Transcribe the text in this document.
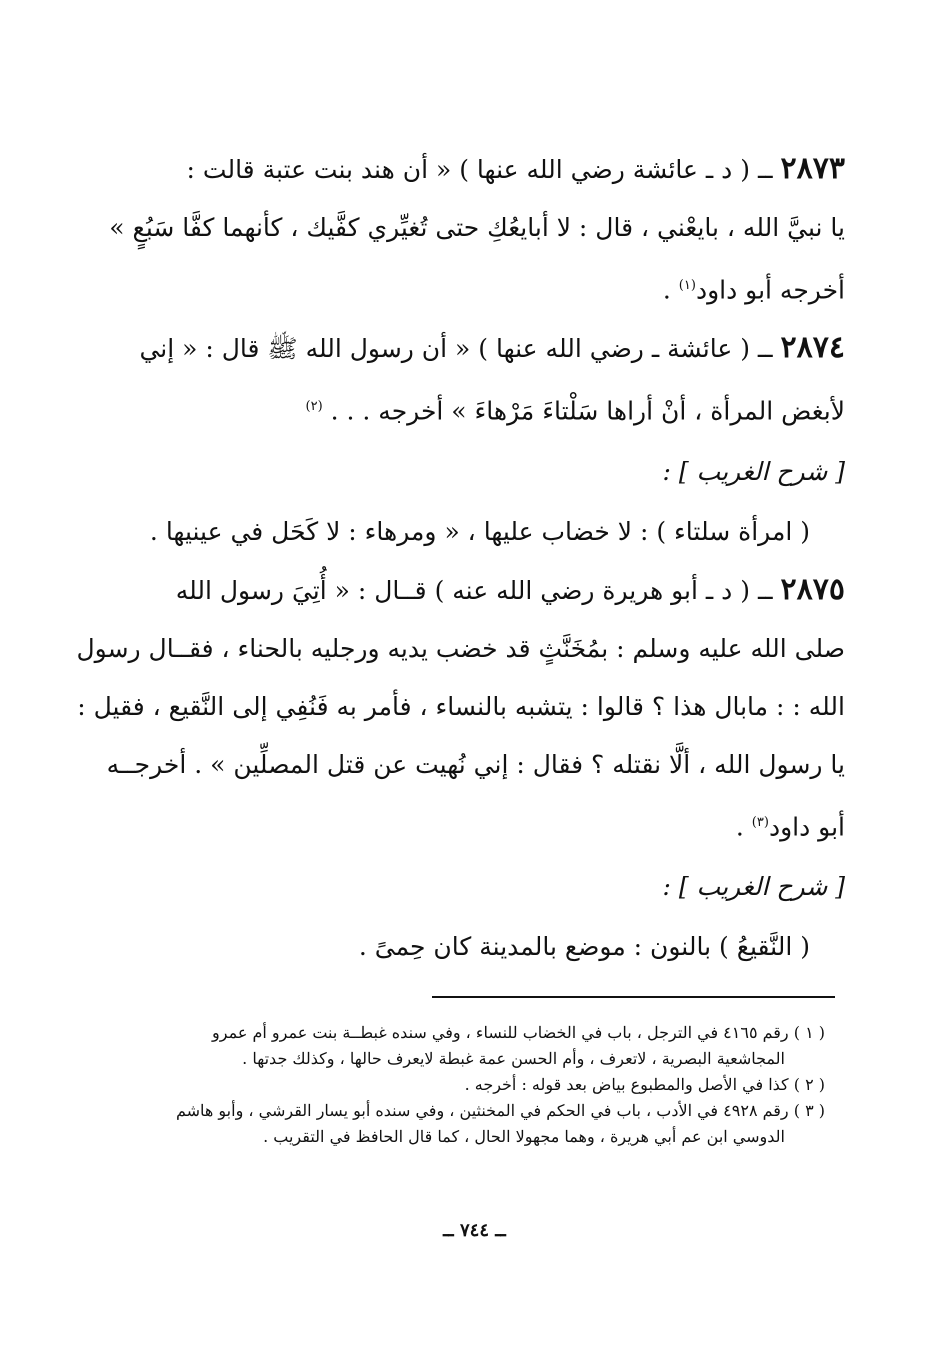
٢٨٧٣ ــ ( د ـ عائشة رضي الله عنها ) « أن هند بنت عتبة قالت :

يا نبيَّ الله ، بايعْني ، قال : لا أبايعُكِ حتى تُغيِّري كفَّيك ، كأنهما كفَّا سَبُعٍ »

أخرجه أبو داود$^{(١)}$ .

٢٨٧٤ ــ ( عائشة ـ رضي الله عنها ) « أن رسول الله ﷺ قال : « إني

لأبغض المرأة ، أنْ أراها سَلْتاءَ مَرْهاءَ » أخرجه . . . $^{(٢)}$

[ شرح الغريب ] :

( امرأة سلتاء ) : لا خضاب عليها ، « ومرهاء : لا كَحَل في عينيها .

٢٨٧٥ ــ ( د ـ أبو هريرة رضي الله عنه ) قــال : « أُتِيَ رسول الله

صلى الله عليه وسلم : بمُخَنَّثٍ قد خضب يديه ورجليه بالحناء ، فقــال رسول

الله : : مابال هذا ؟ قالوا : يتشبه بالنساء ، فأمر به فَنُفِي إلى النَّقيع ، فقيل :

يا رسول الله ، ألَّا نقتله ؟ فقال : إني نُهيت عن قتل المصلِّين » . أخرجــه

أبو داود$^{(٣)}$ .

[ شرح الغريب ] :

( النَّقيعُ ) بالنون : موضع بالمدينة كان حِمىً .

( ١ ) رقم ٤١٦٥ في الترجل ، باب في الخضاب للنساء ، وفي سنده غبطــة بنت عمرو أم عمرو

المجاشعية البصرية ، لاتعرف ، وأم الحسن عمة غبطة لايعرف حالها ، وكذلك جدتها .

( ٢ ) كذا في الأصل والمطبوع بياض بعد قوله : أخرجه .

( ٣ ) رقم ٤٩٢٨ في الأدب ، باب في الحكم في المخنثين ، وفي سنده أبو يسار القرشي ، وأبو هاشم

الدوسي ابن عم أبي هريرة ، وهما مجهولا الحال ، كما قال الحافظ في التقريب .

ــ ٧٤٤ ــ
